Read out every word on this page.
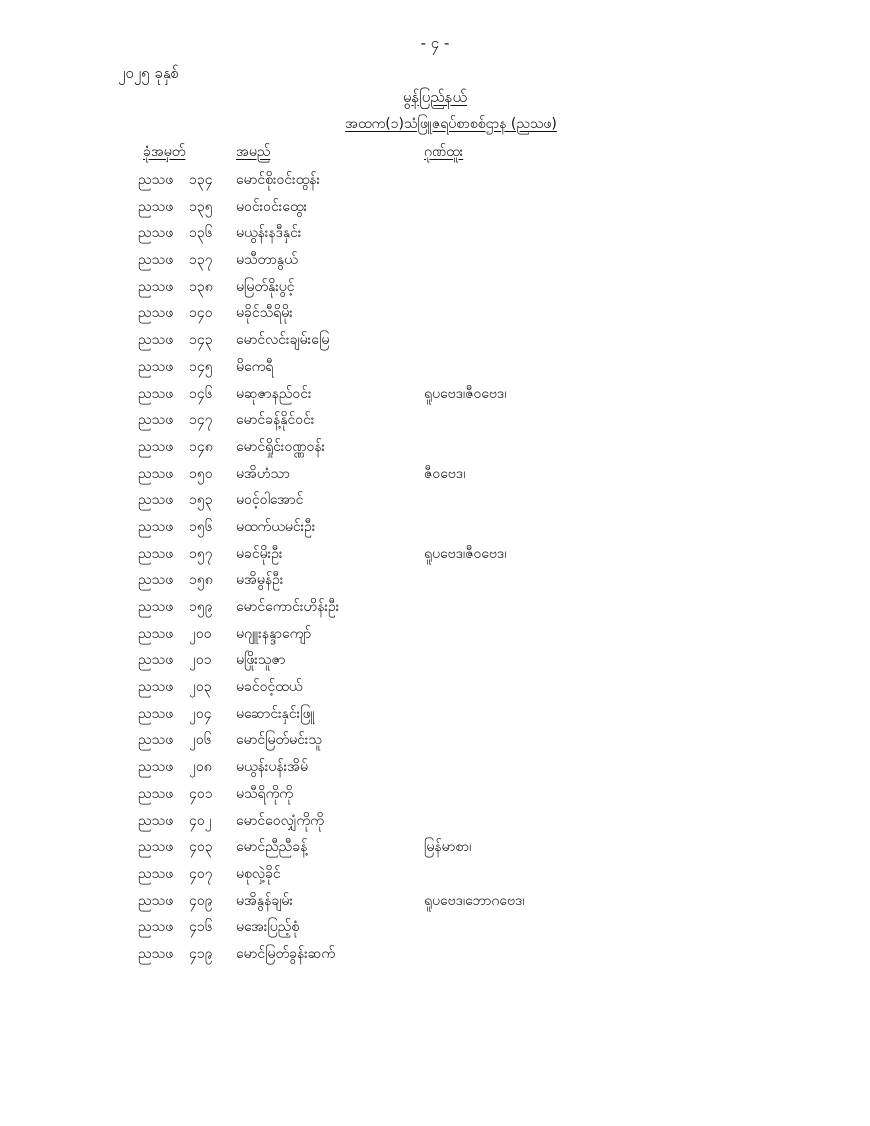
- ၄ -
၂၀၂၅ ခုနှစ်
မွန်ပြည်နယ်
အထက(၁)သံဖြူဇရပ်စာစစ်ဌာန (ညသဖ)
ခုံအမှတ်	အမည်	ဂုဏ်ထူး
ညသဖ ၁၃၄ မောင်စိုးဝင်းထွန်း
ညသဖ ၁၃၅ မဝင်းဝင်းထွေး
ညသဖ ၁၃၆ မယွန်းနဒီနှင်း
ညသဖ ၁၃၇ မသီတာနွယ်
ညသဖ ၁၃၈ မမြတ်နိုးပွင့်
ညသဖ ၁၄၀ မခိုင်သီရိမိုး
ညသဖ ၁၄၃ မောင်လင်းချမ်းမြေ
ညသဖ ၁၄၅ မိကေရီ
ညသဖ ၁၄၆ မဆုဇာနည်ဝင်း	ရူပဗေဒ၊ဇီဝဗေဒ၊
ညသဖ ၁၄၇ မောင်ခန့်နိုင်ဝင်း
ညသဖ ၁၄၈ မောင်ရှိုင်းဝဏ္ဏဝန်း
ညသဖ ၁၅၀ မအိဟံသာ	ဇီဝဗေဒ၊
ညသဖ ၁၅၃ မဝင့်ဝါအောင်
ညသဖ ၁၅၆ မထက်ယမင်းဦး
ညသဖ ၁၅၇ မခင်မိုးဦး	ရူပဗေဒ၊ဇီဝဗေဒ၊
ညသဖ ၁၅၈ မအိမွန်ဦး
ညသဖ ၁၅၉ မောင်ကောင်းဟိန်းဦး
ညသဖ ၂၀၀ မဂျူးနန္ဒာကျော်
ညသဖ ၂၀၁ မဖြိုးသူဇာ
ညသဖ ၂၀၃ မခင်ဝင့်ထယ်
ညသဖ ၂၀၄ မဆောင်းနှင်းဖြူ
ညသဖ ၂၀၆ မောင်မြတ်မင်းသူ
ညသဖ ၂၀၈ မယွန်းပန်းအိမ်
ညသဖ ၄၀၁ မသီရိကိုကို
ညသဖ ၄၀၂ မောင်ဝေလျှံကိုကို
ညသဖ ၄၀၃ မောင်ညီညီခန့်	မြန်မာစာ၊
ညသဖ ၄၀၇ မစုလှဲ့ခိုင်
ညသဖ ၄၀၉ မအိနွန်ချမ်း	ရူပဗေဒ၊ဘောဂဗေဒ၊
ညသဖ ၄၁၆ မအေးပြည့်စုံ
ညသဖ ၄၁၉ မောင်မြတ်ခွန်းဆက်
